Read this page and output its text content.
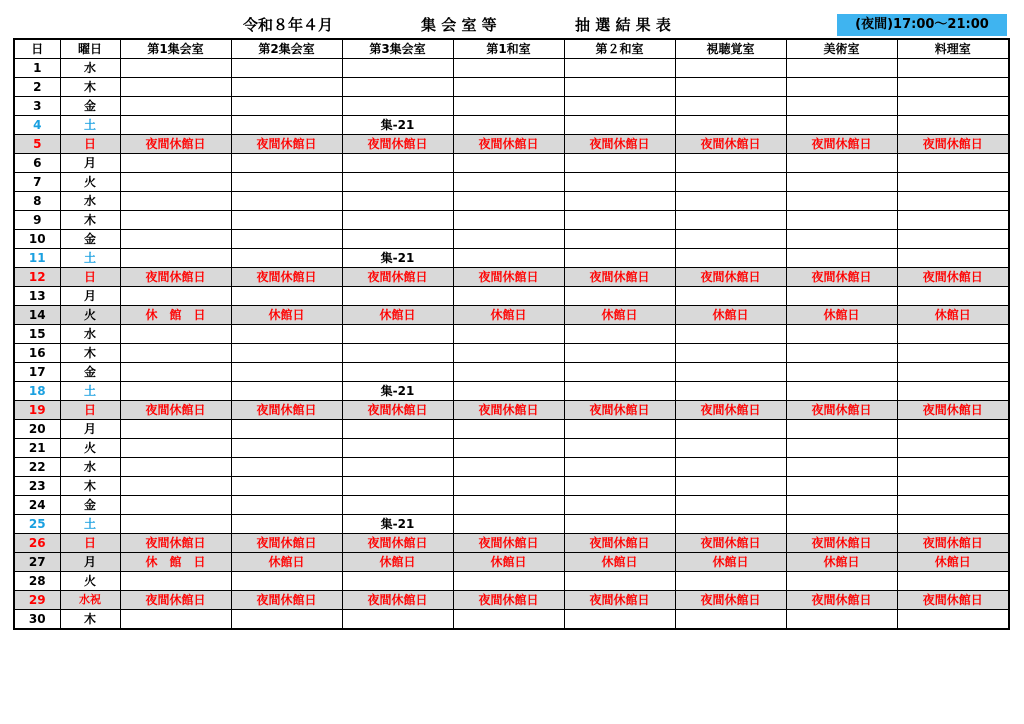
令和８年４月	集 会 室 等	抽 選 結 果 表	(夜間)17:00～21:00
日	曜日	第1集会室	第2集会室	第3集会室	第1和室	第２和室	視聴覚室	美術室	料理室
1	水								
2	木								
3	金								
4	土			集-21					
5	日	夜間休館日	夜間休館日	夜間休館日	夜間休館日	夜間休館日	夜間休館日	夜間休館日	夜間休館日
6	月								
7	火								
8	水								
9	木								
10	金								
11	土			集-21					
12	日	夜間休館日	夜間休館日	夜間休館日	夜間休館日	夜間休館日	夜間休館日	夜間休館日	夜間休館日
13	月								
14	火	休　館　日	休館日	休館日	休館日	休館日	休館日	休館日	休館日
15	水								
16	木								
17	金								
18	土			集-21					
19	日	夜間休館日	夜間休館日	夜間休館日	夜間休館日	夜間休館日	夜間休館日	夜間休館日	夜間休館日
20	月								
21	火								
22	水								
23	木								
24	金								
25	土			集-21					
26	日	夜間休館日	夜間休館日	夜間休館日	夜間休館日	夜間休館日	夜間休館日	夜間休館日	夜間休館日
27	月	休　館　日	休館日	休館日	休館日	休館日	休館日	休館日	休館日
28	火								
29	水祝	夜間休館日	夜間休館日	夜間休館日	夜間休館日	夜間休館日	夜間休館日	夜間休館日	夜間休館日
30	木								
